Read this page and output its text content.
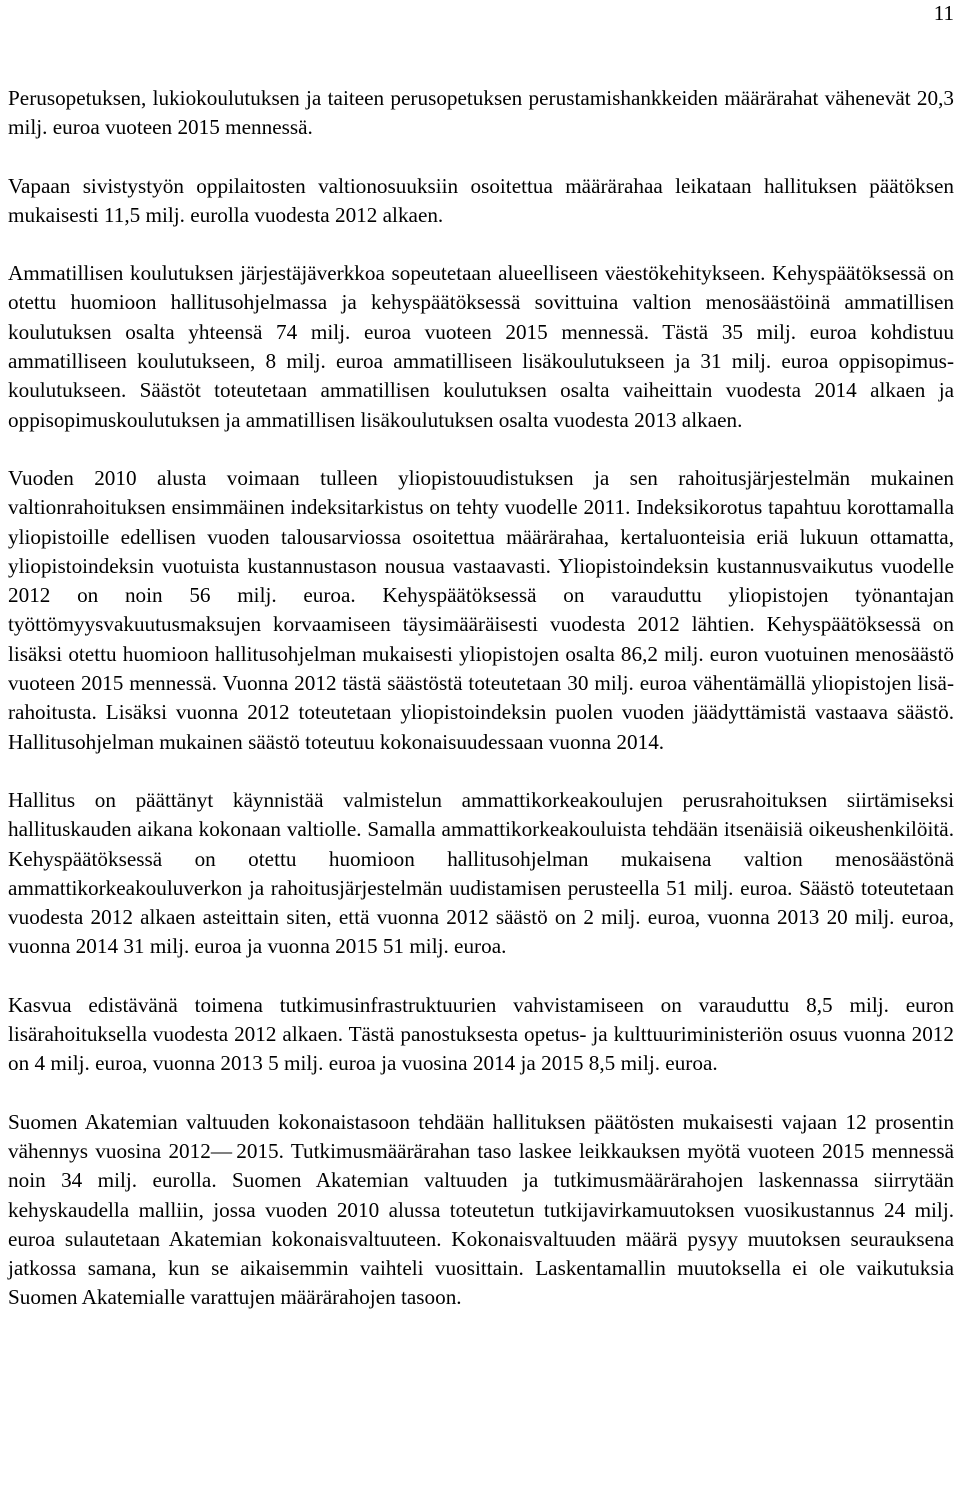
11

Perusopetuksen, lukiokoulutuksen ja taiteen perusopetuksen perustamishankkeiden määrärahat vähenevät 20,3 milj. euroa vuoteen 2015 mennessä.

Vapaan sivistystyön oppilaitosten valtionosuuksiin osoitettua määrärahaa leikataan hallituksen päätöksen mukaisesti 11,5 milj. eurolla vuodesta 2012 alkaen.

Ammatillisen koulutuksen järjestäjäverkkoa sopeutetaan alueelliseen väestökehitykseen. Kehyspäätöksessä on otettu huomioon hallitusohjelmassa ja kehyspäätöksessä sovittuina valtion menosäästöinä ammatillisen koulutuksen osalta yhteensä 74 milj. euroa vuoteen 2015 mennessä. Tästä 35 milj. euroa kohdistuu ammatilliseen koulutukseen, 8 milj. euroa ammatilliseen lisäkoulutukseen ja 31 milj. euroa oppisopimuskoulutukseen. Säästöt toteutetaan ammatillisen koulutuksen osalta vaiheittain vuodesta 2014 alkaen ja oppisopimuskoulutuksen ja ammatillisen lisäkoulutuksen osalta vuodesta 2013 alkaen.

Vuoden 2010 alusta voimaan tulleen yliopistouudistuksen ja sen rahoitusjärjestelmän mukainen valtionrahoituksen ensimmäinen indeksitarkistus on tehty vuodelle 2011. Indeksikorotus tapahtuu korottamalla yliopistoille edellisen vuoden talousarviossa osoitettua määrärahaa, kertaluonteisia eriä lukuun ottamatta, yliopistoindeksin vuotuista kustannustason nousua vastaavasti. Yliopistoindeksin kustannusvaikutus vuodelle 2012 on noin 56 milj. euroa. Kehyspäätöksessä on varauduttu yliopistojen työnantajan työttömyysvakuutusmaksujen korvaamiseen täysimääräisesti vuodesta 2012 lähtien. Kehyspäätöksessä on lisäksi otettu huomioon hallitusohjelman mukaisesti yliopistojen osalta 86,2 milj. euron vuotuinen menosäästö vuoteen 2015 mennessä. Vuonna 2012 tästä säästöstä toteutetaan 30 milj. euroa vähentämällä yliopistojen lisärahoitusta. Lisäksi vuonna 2012 toteutetaan yliopistoindeksin puolen vuoden jäädyttämistä vastaava säästö. Hallitusohjelman mukainen säästö toteutuu kokonaisuudessaan vuonna 2014.

Hallitus on päättänyt käynnistää valmistelun ammattikorkeakoulujen perusrahoituksen siirtämiseksi hallituskauden aikana kokonaan valtiolle. Samalla ammattikorkeakouluista tehdään itsenäisiä oikeushenkilöitä. Kehyspäätöksessä on otettu huomioon hallitusohjelman mukaisena valtion menosäästönä ammattikorkeakouluverkon ja rahoitusjärjestelmän uudistamisen perusteella 51 milj. euroa. Säästö toteutetaan vuodesta 2012 alkaen asteittain siten, että vuonna 2012 säästö on 2 milj. euroa, vuonna 2013 20 milj. euroa, vuonna 2014 31 milj. euroa ja vuonna 2015 51 milj. euroa.

Kasvua edistävänä toimena tutkimusinfrastruktuurien vahvistamiseen on varauduttu 8,5 milj. euron lisärahoituksella vuodesta 2012 alkaen. Tästä panostuksesta opetus- ja kulttuuriministeriön osuus vuonna 2012 on 4 milj. euroa, vuonna 2013 5 milj. euroa ja vuosina 2014 ja 2015 8,5 milj. euroa.

Suomen Akatemian valtuuden kokonaistasoon tehdään hallituksen päätösten mukaisesti vajaan 12 prosentin vähennys vuosina 2012— 2015. Tutkimusmäärärahan taso laskee leikkauksen myötä vuoteen 2015 mennessä noin 34 milj. eurolla. Suomen Akatemian valtuuden ja tutkimusmäärärahojen laskennassa siirrytään kehyskaudella malliin, jossa vuoden 2010 alussa toteutetun tutkijavirkamuutoksen vuosikustannus 24 milj. euroa sulautetaan Akatemian kokonaisvaltuuteen. Kokonaisvaltuuden määrä pysyy muutoksen seurauksena jatkossa samana, kun se aikaisemmin vaihteli vuosittain. Laskentamallin muutoksella ei ole vaikutuksia Suomen Akatemialle varattujen määrärahojen tasoon.
